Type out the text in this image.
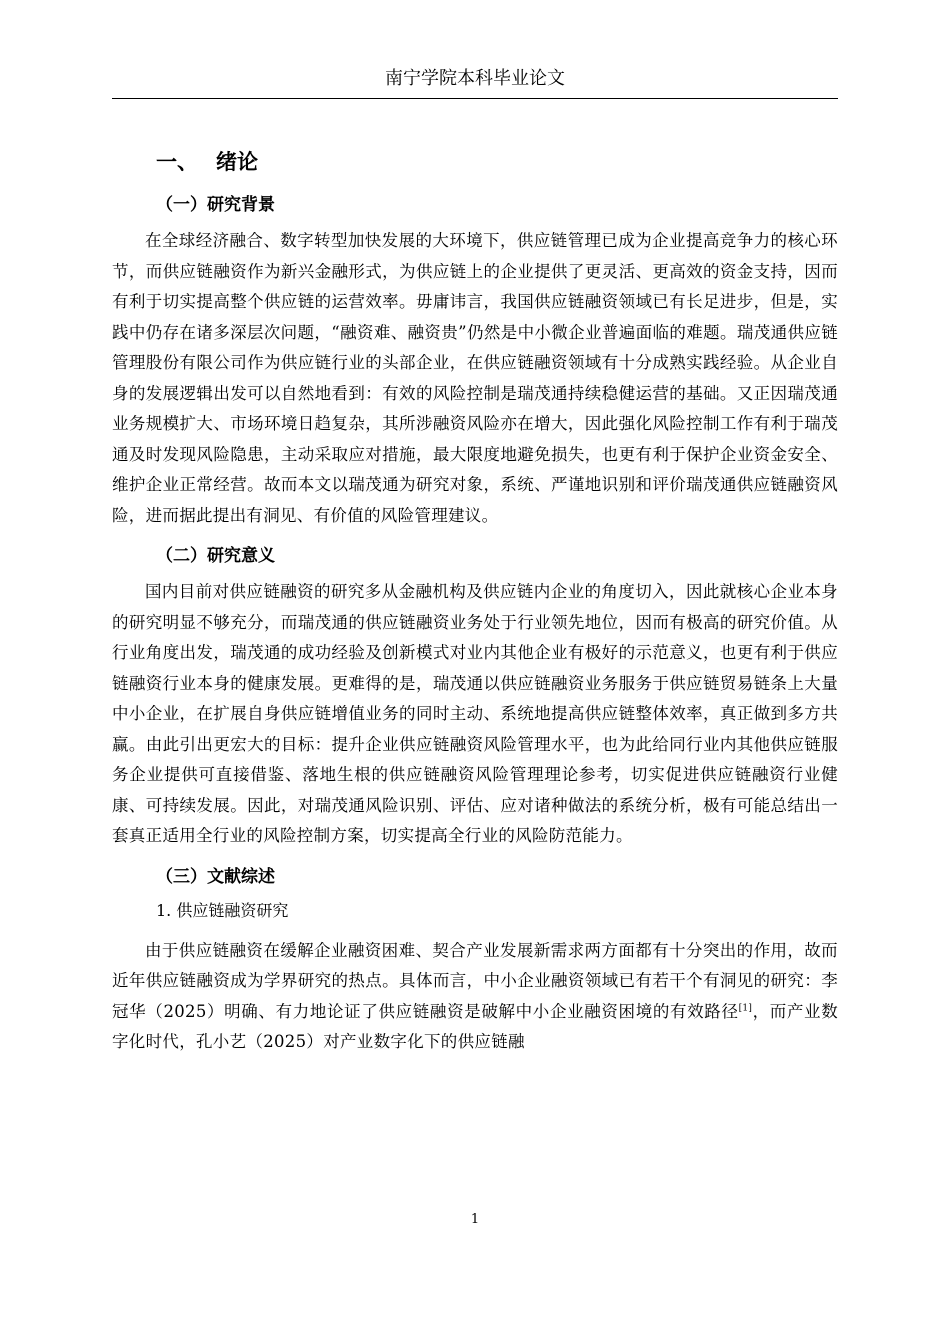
南宁学院本科毕业论文
一、 绪论
（一）研究背景

在全球经济融合、数字转型加快发展的大环境下，供应链管理已成为企业提高竞争力的核心环节，而供应链融资作为新兴金融形式，为供应链上的企业提供了更灵活、更高效的资金支持，因而有利于切实提高整个供应链的运营效率。毋庸讳言，我国供应链融资领域已有长足进步，但是，实践中仍存在诸多深层次问题，“融资难、融资贵”仍然是中小微企业普遍面临的难题。瑞茂通供应链管理股份有限公司作为供应链行业的头部企业，在供应链融资领域有十分成熟实践经验。从企业自身的发展逻辑出发可以自然地看到：有效的风险控制是瑞茂通持续稳健运营的基础。又正因瑞茂通业务规模扩大、市场环境日趋复杂，其所涉融资风险亦在增大，因此强化风险控制工作有利于瑞茂通及时发现风险隐患，主动采取应对措施，最大限度地避免损失，也更有利于保护企业资金安全、维护企业正常经营。故而本文以瑞茂通为研究对象，系统、严谨地识别和评价瑞茂通供应链融资风险，进而据此提出有洞见、有价值的风险管理建议。

（二）研究意义

国内目前对供应链融资的研究多从金融机构及供应链内企业的角度切入，因此就核心企业本身的研究明显不够充分，而瑞茂通的供应链融资业务处于行业领先地位，因而有极高的研究价值。从行业角度出发，瑞茂通的成功经验及创新模式对业内其他企业有极好的示范意义，也更有利于供应链融资行业本身的健康发展。更难得的是，瑞茂通以供应链融资业务服务于供应链贸易链条上大量中小企业，在扩展自身供应链增值业务的同时主动、系统地提高供应链整体效率，真正做到多方共赢。由此引出更宏大的目标：提升企业供应链融资风险管理水平，也为此给同行业内其他供应链服务企业提供可直接借鉴、落地生根的供应链融资风险管理理论参考，切实促进供应链融资行业健康、可持续发展。因此，对瑞茂通风险识别、评估、应对诸种做法的系统分析，极有可能总结出一套真正适用全行业的风险控制方案，切实提高全行业的风险防范能力。

（三）文献综述
1. 供应链融资研究

由于供应链融资在缓解企业融资困难、契合产业发展新需求两方面都有十分突出的作用，故而近年供应链融资成为学界研究的热点。具体而言，中小企业融资领域已有若干个有洞见的研究：李冠华（2025）明确、有力地论证了供应链融资是破解中小企业融资困境的有效路径[1]，而产业数字化时代，孔小艺（2025）对产业数字化下的供应链融

1
